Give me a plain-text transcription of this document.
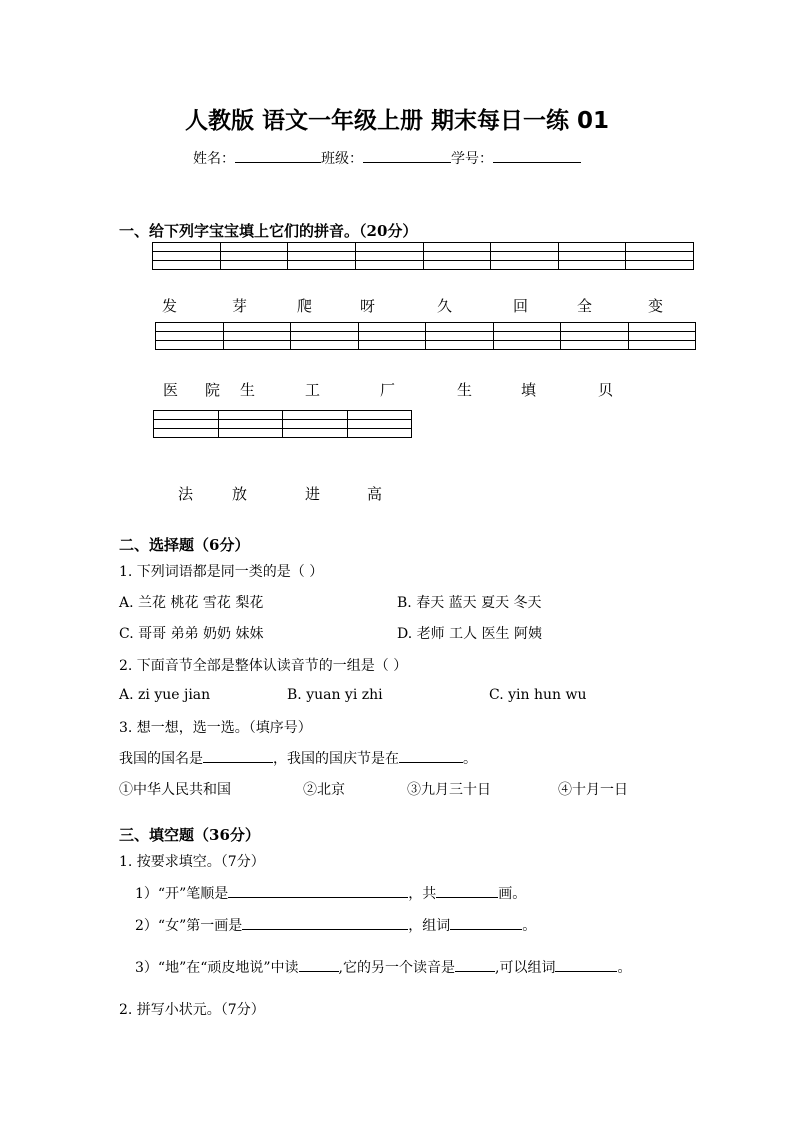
人教版 语文一年级上册 期末每日一练 01
姓名：	班级：	学号：
一、给下列字宝宝填上它们的拼音。（20分）

发	芽	爬	呀	久	回	全	变

医 院 生	工	厂	生	填	贝

法	放	进	高
二、选择题（6分）
1. 下列词语都是同一类的是（ ）
A. 兰花 桃花 雪花 梨花	B. 春天 蓝天 夏天 冬天
C. 哥哥 弟弟 奶奶 妹妹	D. 老师 工人 医生 阿姨
2. 下面音节全部是整体认读音节的一组是（ ）
A. zi yue jian	B. yuan yi zhi	C. yin hun wu
3. 想一想，选一选。（填序号）
我国的国名是	，我国的国庆节是在	。
①中华人民共和国	②北京	③九月三十日	④十月一日
三、填空题（36分）
1. 按要求填空。（7分）
1）“开”笔顺是	，共	画。
2）“女”第一画是	，组词	。
3）“地”在“顽皮地说”中读	,它的另一个读音是	,可以组词	。
2. 拼写小状元。（7分）
